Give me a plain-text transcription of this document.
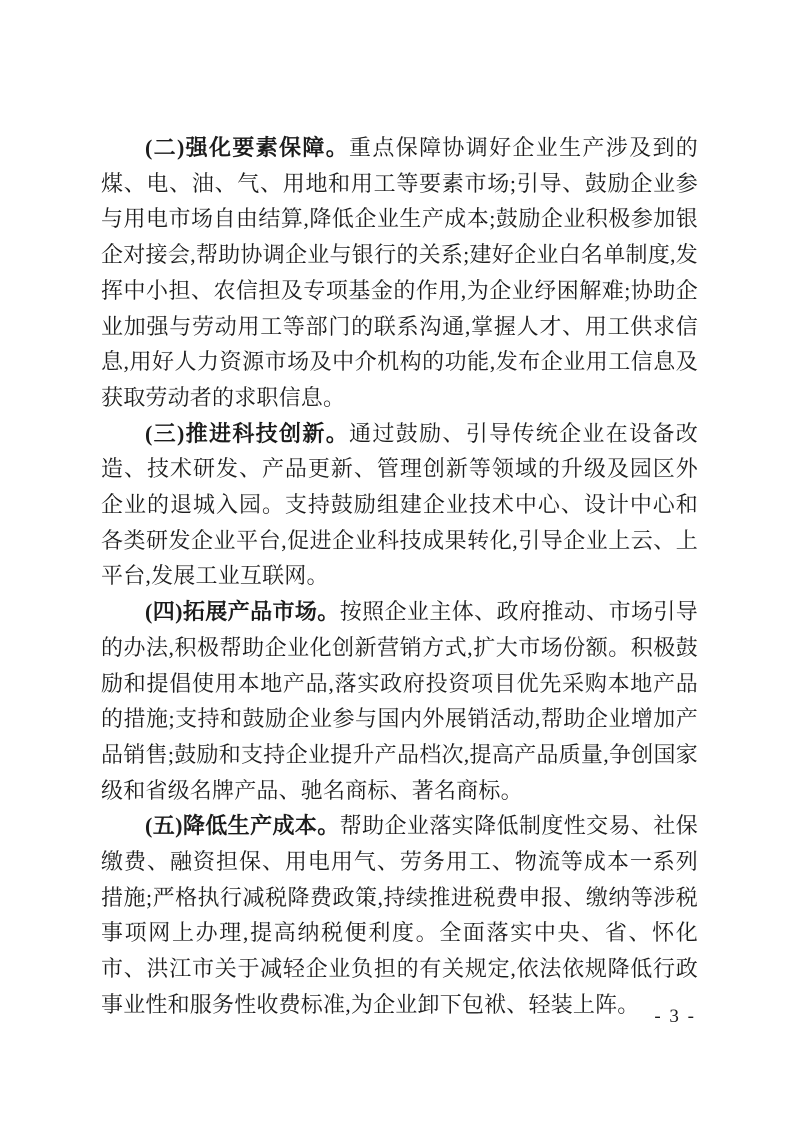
(二)强化要素保障。重点保障协调好企业生产涉及到的煤、电、油、气、用地和用工等要素市场;引导、鼓励企业参与用电市场自由结算,降低企业生产成本;鼓励企业积极参加银企对接会,帮助协调企业与银行的关系;建好企业白名单制度,发挥中小担、农信担及专项基金的作用,为企业纾困解难;协助企业加强与劳动用工等部门的联系沟通,掌握人才、用工供求信息,用好人力资源市场及中介机构的功能,发布企业用工信息及获取劳动者的求职信息。

(三)推进科技创新。通过鼓励、引导传统企业在设备改造、技术研发、产品更新、管理创新等领域的升级及园区外企业的退城入园。支持鼓励组建企业技术中心、设计中心和各类研发企业平台,促进企业科技成果转化,引导企业上云、上平台,发展工业互联网。

(四)拓展产品市场。按照企业主体、政府推动、市场引导的办法,积极帮助企业化创新营销方式,扩大市场份额。积极鼓励和提倡使用本地产品,落实政府投资项目优先采购本地产品的措施;支持和鼓励企业参与国内外展销活动,帮助企业增加产品销售;鼓励和支持企业提升产品档次,提高产品质量,争创国家级和省级名牌产品、驰名商标、著名商标。

(五)降低生产成本。帮助企业落实降低制度性交易、社保缴费、融资担保、用电用气、劳务用工、物流等成本一系列措施;严格执行减税降费政策,持续推进税费申报、缴纳等涉税事项网上办理,提高纳税便利度。全面落实中央、省、怀化市、洪江市关于减轻企业负担的有关规定,依法依规降低行政事业性和服务性收费标准,为企业卸下包袱、轻装上阵。 - 3 -
